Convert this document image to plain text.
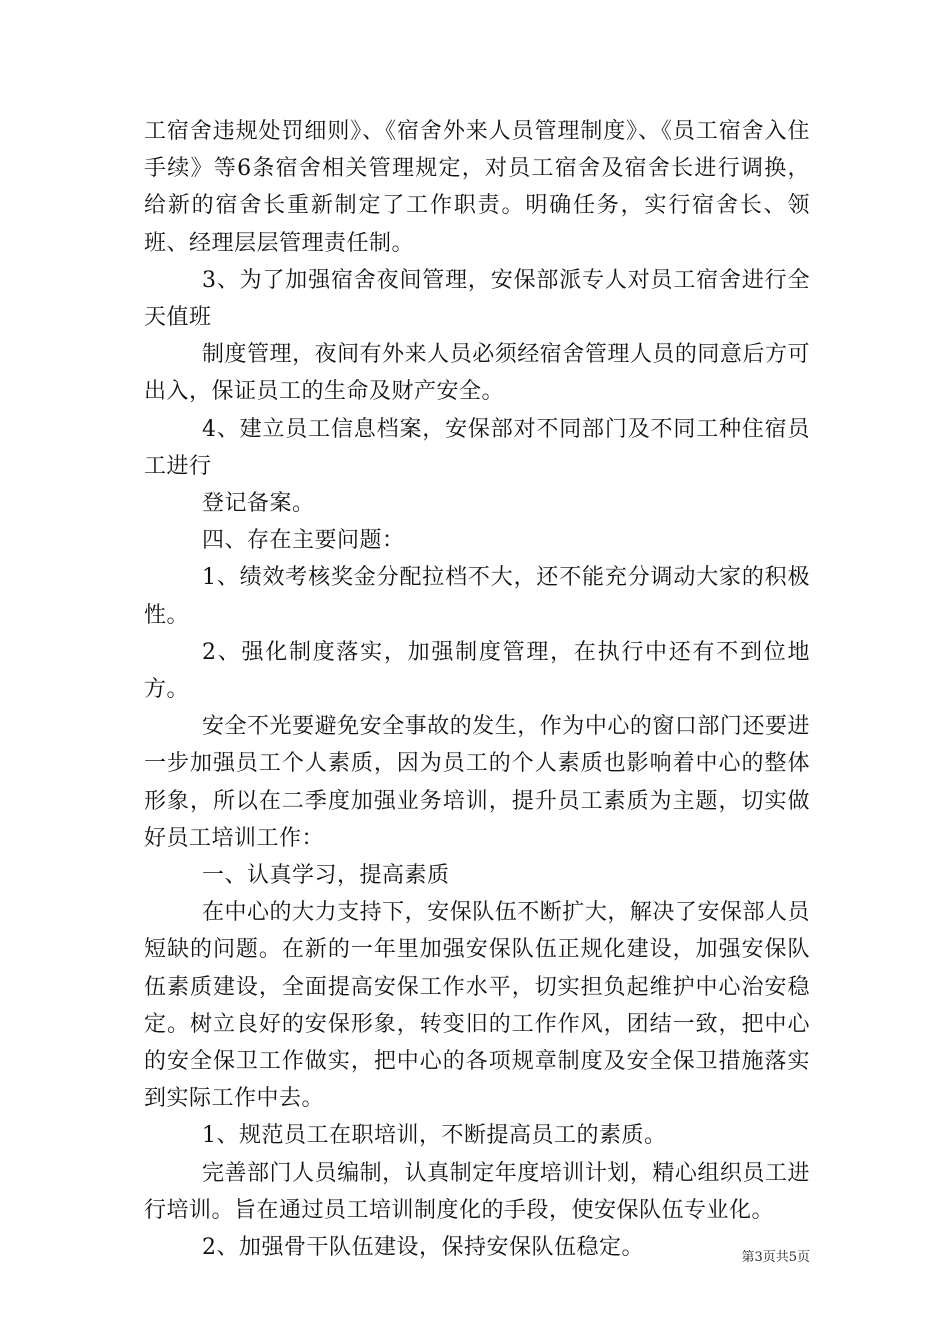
工宿舍违规处罚细则》、《宿舍外来人员管理制度》、《员工宿舍入住手续》等6条宿舍相关管理规定，对员工宿舍及宿舍长进行调换，给新的宿舍长重新制定了工作职责。明确任务，实行宿舍长、领班、经理层层管理责任制。

3、为了加强宿舍夜间管理，安保部派专人对员工宿舍进行全天值班

制度管理，夜间有外来人员必须经宿舍管理人员的同意后方可出入，保证员工的生命及财产安全。

4、建立员工信息档案，安保部对不同部门及不同工种住宿员工进行

登记备案。

四、存在主要问题：

1、绩效考核奖金分配拉档不大，还不能充分调动大家的积极性。

2、强化制度落实，加强制度管理，在执行中还有不到位地方。

安全不光要避免安全事故的发生，作为中心的窗口部门还要进一步加强员工个人素质，因为员工的个人素质也影响着中心的整体形象，所以在二季度加强业务培训，提升员工素质为主题，切实做好员工培训工作：

一、认真学习，提高素质

在中心的大力支持下，安保队伍不断扩大，解决了安保部人员短缺的问题。在新的一年里加强安保队伍正规化建设，加强安保队伍素质建设，全面提高安保工作水平，切实担负起维护中心治安稳定。树立良好的安保形象，转变旧的工作作风，团结一致，把中心的安全保卫工作做实，把中心的各项规章制度及安全保卫措施落实到实际工作中去。

1、规范员工在职培训，不断提高员工的素质。

完善部门人员编制，认真制定年度培训计划，精心组织员工进行培训。旨在通过员工培训制度化的手段，使安保队伍专业化。

2、加强骨干队伍建设，保持安保队伍稳定。	第3页共5页
